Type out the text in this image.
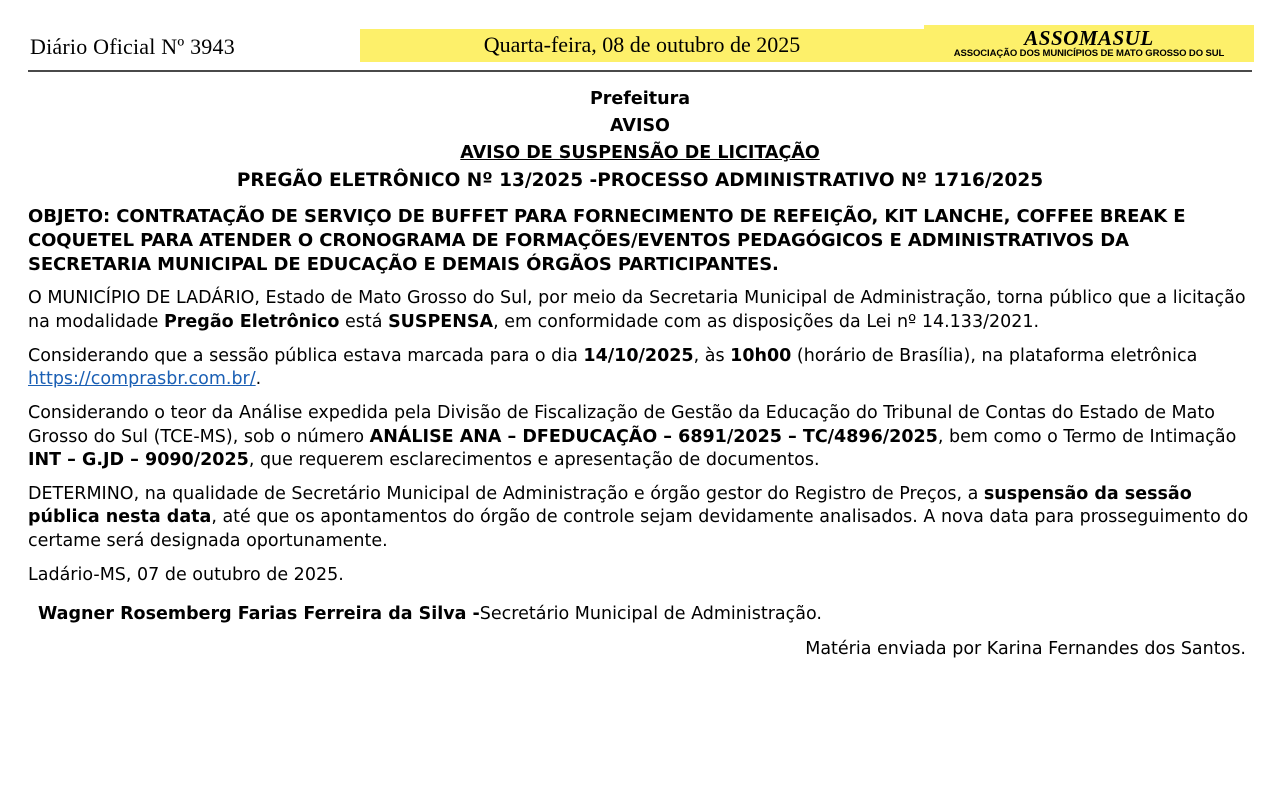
Diário Oficial Nº 3943	Quarta-feira, 08 de outubro de 2025	ASSOMASUL
ASSOCIAÇÃO DOS MUNICÍPIOS DE MATO GROSSO DO SUL
Prefeitura
AVISO
AVISO DE SUSPENSÃO DE LICITAÇÃO
PREGÃO ELETRÔNICO Nº 13/2025 -PROCESSO ADMINISTRATIVO Nº 1716/2025
OBJETO: CONTRATAÇÃO DE SERVIÇO DE BUFFET PARA FORNECIMENTO DE REFEIÇÃO, KIT LANCHE, COFFEE BREAK E COQUETEL PARA ATENDER O CRONOGRAMA DE FORMAÇÕES/EVENTOS PEDAGÓGICOS E ADMINISTRATIVOS DA SECRETARIA MUNICIPAL DE EDUCAÇÃO E DEMAIS ÓRGÃOS PARTICIPANTES.

O MUNICÍPIO DE LADÁRIO, Estado de Mato Grosso do Sul, por meio da Secretaria Municipal de Administração, torna público que a licitação na modalidade Pregão Eletrônico está SUSPENSA, em conformidade com as disposições da Lei nº 14.133/2021.

Considerando que a sessão pública estava marcada para o dia 14/10/2025, às 10h00 (horário de Brasília), na plataforma eletrônica https://comprasbr.com.br/.

Considerando o teor da Análise expedida pela Divisão de Fiscalização de Gestão da Educação do Tribunal de Contas do Estado de Mato Grosso do Sul (TCE-MS), sob o número ANÁLISE ANA – DFEDUCAÇÃO – 6891/2025 – TC/4896/2025, bem como o Termo de Intimação INT – G.JD – 9090/2025, que requerem esclarecimentos e apresentação de documentos.

DETERMINO, na qualidade de Secretário Municipal de Administração e órgão gestor do Registro de Preços, a suspensão da sessão pública nesta data, até que os apontamentos do órgão de controle sejam devidamente analisados. A nova data para prosseguimento do certame será designada oportunamente.

Ladário-MS, 07 de outubro de 2025.

Wagner Rosemberg Farias Ferreira da Silva -Secretário Municipal de Administração.
Matéria enviada por Karina Fernandes dos Santos.
